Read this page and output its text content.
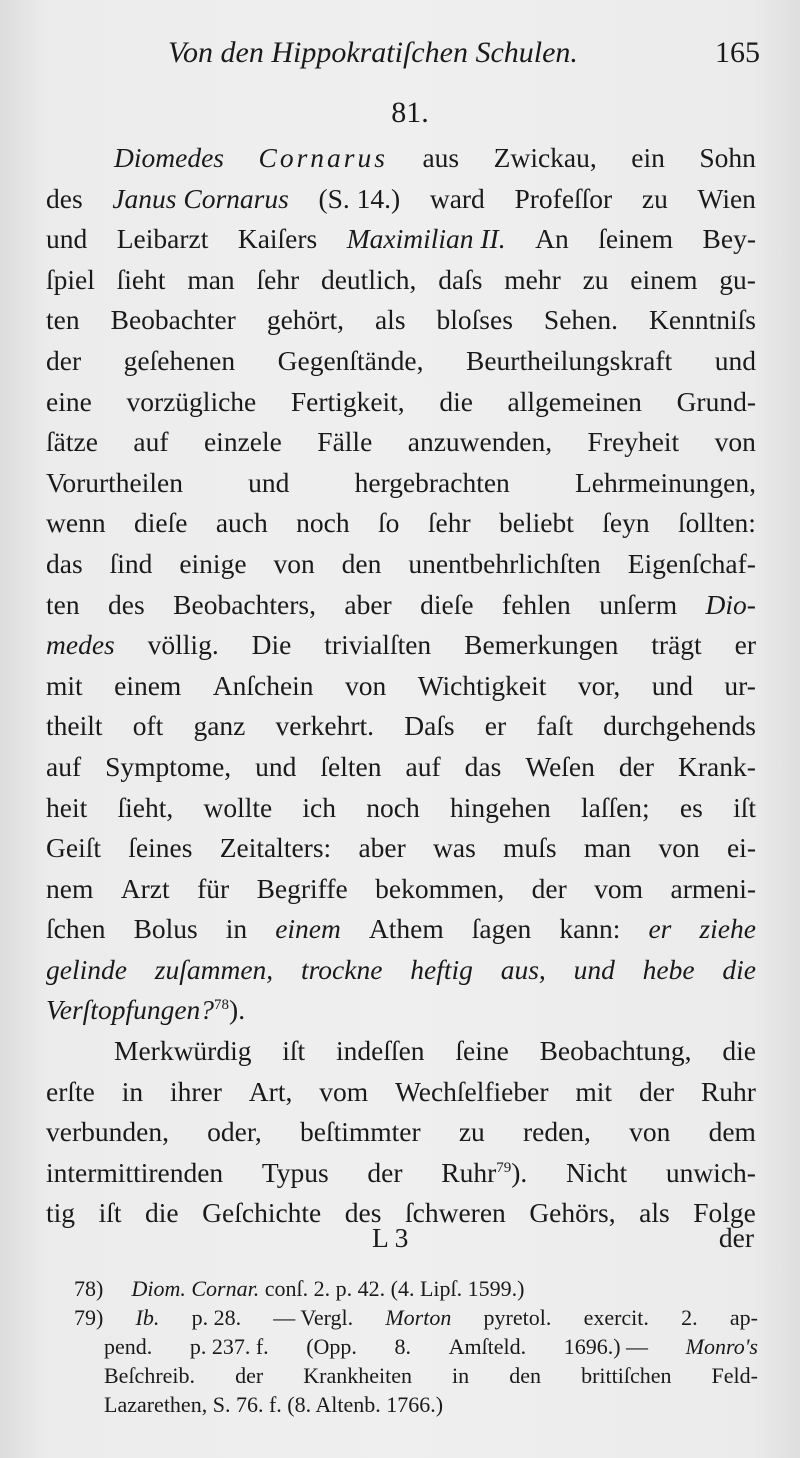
Von den Hippokratiſchen Schulen.	165
81.
Diomedes Cornarus aus Zwickau, ein Sohn
des Janus Cornarus (S. 14.) ward Profeſſor zu Wien
und Leibarzt Kaiſers Maximilian II. An ſeinem Bey-
ſpiel ſieht man ſehr deutlich, daſs mehr zu einem gu-
ten Beobachter gehört, als bloſses Sehen. Kenntniſs
der geſehenen Gegenſtände, Beurtheilungskraft und
eine vorzügliche Fertigkeit, die allgemeinen Grund-
ſätze auf einzele Fälle anzuwenden, Freyheit von
Vorurtheilen und hergebrachten Lehrmeinungen,
wenn dieſe auch noch ſo ſehr beliebt ſeyn ſollten:
das ſind einige von den unentbehrlichſten Eigenſchaf-
ten des Beobachters, aber dieſe fehlen unſerm Dio-
medes völlig. Die trivialſten Bemerkungen trägt er
mit einem Anſchein von Wichtigkeit vor, und ur-
theilt oft ganz verkehrt. Daſs er faſt durchgehends
auf Symptome, und ſelten auf das Weſen der Krank-
heit ſieht, wollte ich noch hingehen laſſen; es iſt
Geiſt ſeines Zeitalters: aber was muſs man von ei-
nem Arzt für Begriffe bekommen, der vom armeni-
ſchen Bolus in einem Athem ſagen kann: er ziehe
gelinde zuſammen, trockne heftig aus, und hebe die
Verſtopfungen?$^{78}$).
Merkwürdig iſt indeſſen ſeine Beobachtung, die
erſte in ihrer Art, vom Wechſelfieber mit der Ruhr
verbunden, oder, beſtimmter zu reden, von dem
intermittirenden Typus der Ruhr$^{79}$). Nicht unwich-
tig iſt die Geſchichte des ſchweren Gehörs, als Folge
L 3	der
78) Diom. Cornar. conſ. 2. p. 42. (4. Lipſ. 1599.)
79) Ib. p. 28. — Vergl. Morton pyretol. exercit. 2. ap-
pend. p. 237. f. (Opp. 8. Amſteld. 1696.) — Monro's
Beſchreib. der Krankheiten in den brittiſchen Feld-
Lazarethen, S. 76. f. (8. Altenb. 1766.)
